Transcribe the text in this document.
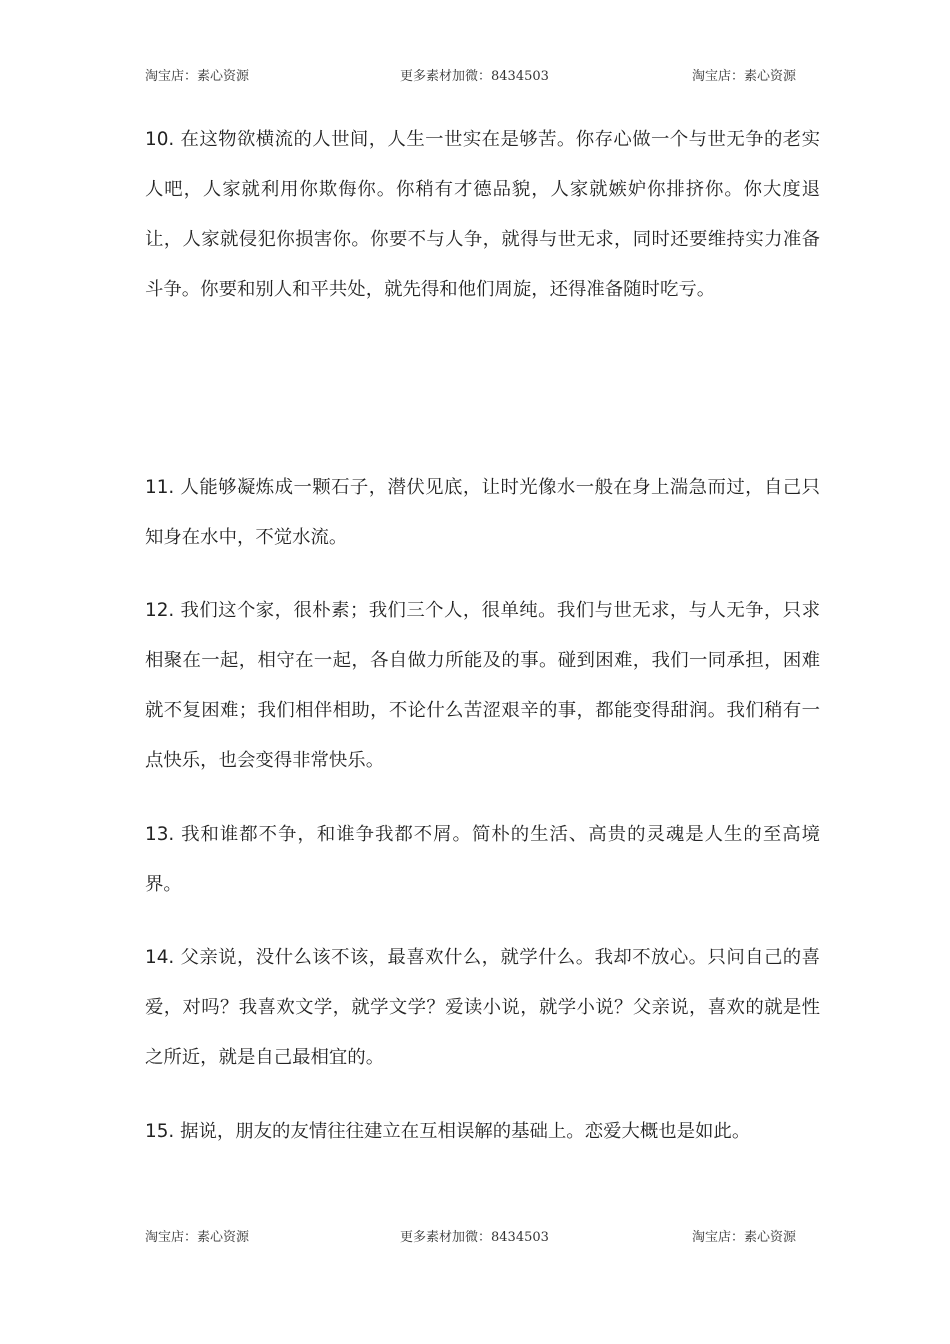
淘宝店：素心资源	更多素材加微：8434503	淘宝店：素心资源

10. 在这物欲横流的人世间，人生一世实在是够苦。你存心做一个与世无争的老实人吧，人家就利用你欺侮你。你稍有才德品貌，人家就嫉妒你排挤你。你大度退让，人家就侵犯你损害你。你要不与人争，就得与世无求，同时还要维持实力准备斗争。你要和别人和平共处，就先得和他们周旋，还得准备随时吃亏。

11. 人能够凝炼成一颗石子，潜伏见底，让时光像水一般在身上湍急而过，自己只知身在水中，不觉水流。

12. 我们这个家，很朴素；我们三个人，很单纯。我们与世无求，与人无争，只求相聚在一起，相守在一起，各自做力所能及的事。碰到困难，我们一同承担，困难就不复困难；我们相伴相助，不论什么苦涩艰辛的事，都能变得甜润。我们稍有一点快乐，也会变得非常快乐。

13. 我和谁都不争，和谁争我都不屑。简朴的生活、高贵的灵魂是人生的至高境界。

14. 父亲说，没什么该不该，最喜欢什么，就学什么。我却不放心。只问自己的喜爱，对吗？我喜欢文学，就学文学？爱读小说，就学小说？父亲说，喜欢的就是性之所近，就是自己最相宜的。

15. 据说，朋友的友情往往建立在互相误解的基础上。恋爱大概也是如此。

淘宝店：素心资源	更多素材加微：8434503	淘宝店：素心资源
